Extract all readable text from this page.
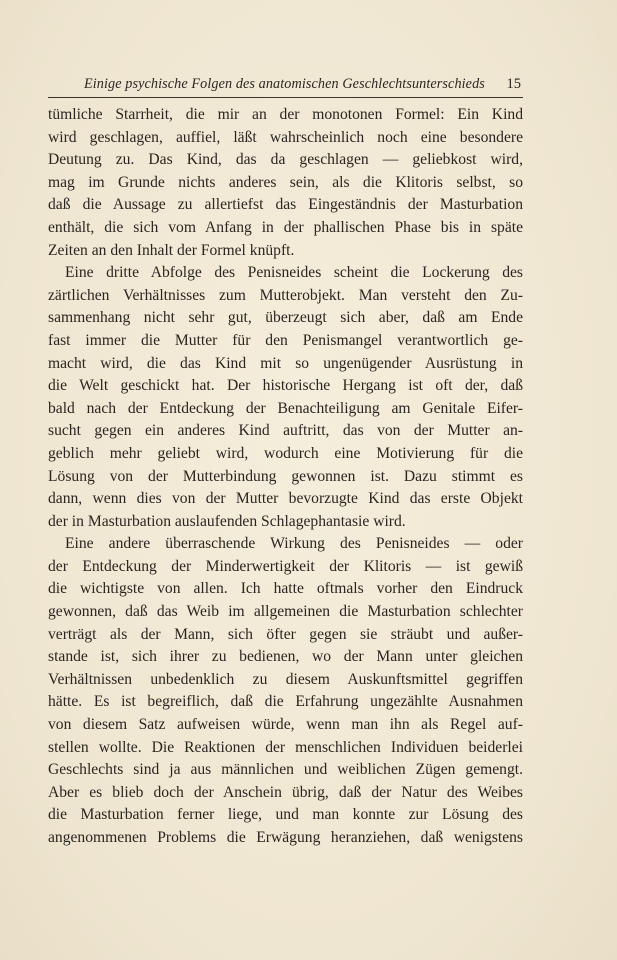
Einige psychische Folgen des anatomischen Geschlechtsunterschieds 15
tümliche Starrheit, die mir an der monotonen Formel: Ein Kind
wird geschlagen, auffiel, läßt wahrscheinlich noch eine besondere
Deutung zu. Das Kind, das da geschlagen — geliebkost wird,
mag im Grunde nichts anderes sein, als die Klitoris selbst, so
daß die Aussage zu allertiefst das Eingeständnis der Masturbation
enthält, die sich vom Anfang in der phallischen Phase bis in späte
Zeiten an den Inhalt der Formel knüpft.
Eine dritte Abfolge des Penisneides scheint die Lockerung des
zärtlichen Verhältnisses zum Mutterobjekt. Man versteht den Zu-
sammenhang nicht sehr gut, überzeugt sich aber, daß am Ende
fast immer die Mutter für den Penismangel verantwortlich ge-
macht wird, die das Kind mit so ungenügender Ausrüstung in
die Welt geschickt hat. Der historische Hergang ist oft der, daß
bald nach der Entdeckung der Benachteiligung am Genitale Eifer-
sucht gegen ein anderes Kind auftritt, das von der Mutter an-
geblich mehr geliebt wird, wodurch eine Motivierung für die
Lösung von der Mutterbindung gewonnen ist. Dazu stimmt es
dann, wenn dies von der Mutter bevorzugte Kind das erste Objekt
der in Masturbation auslaufenden Schlagephantasie wird.
Eine andere überraschende Wirkung des Penisneides — oder
der Entdeckung der Minderwertigkeit der Klitoris — ist gewiß
die wichtigste von allen. Ich hatte oftmals vorher den Eindruck
gewonnen, daß das Weib im allgemeinen die Masturbation schlechter
verträgt als der Mann, sich öfter gegen sie sträubt und außer-
stande ist, sich ihrer zu bedienen, wo der Mann unter gleichen
Verhältnissen unbedenklich zu diesem Auskunftsmittel gegriffen
hätte. Es ist begreiflich, daß die Erfahrung ungezählte Ausnahmen
von diesem Satz aufweisen würde, wenn man ihn als Regel auf-
stellen wollte. Die Reaktionen der menschlichen Individuen beiderlei
Geschlechts sind ja aus männlichen und weiblichen Zügen gemengt.
Aber es blieb doch der Anschein übrig, daß der Natur des Weibes
die Masturbation ferner liege, und man konnte zur Lösung des
angenommenen Problems die Erwägung heranziehen, daß wenigstens
